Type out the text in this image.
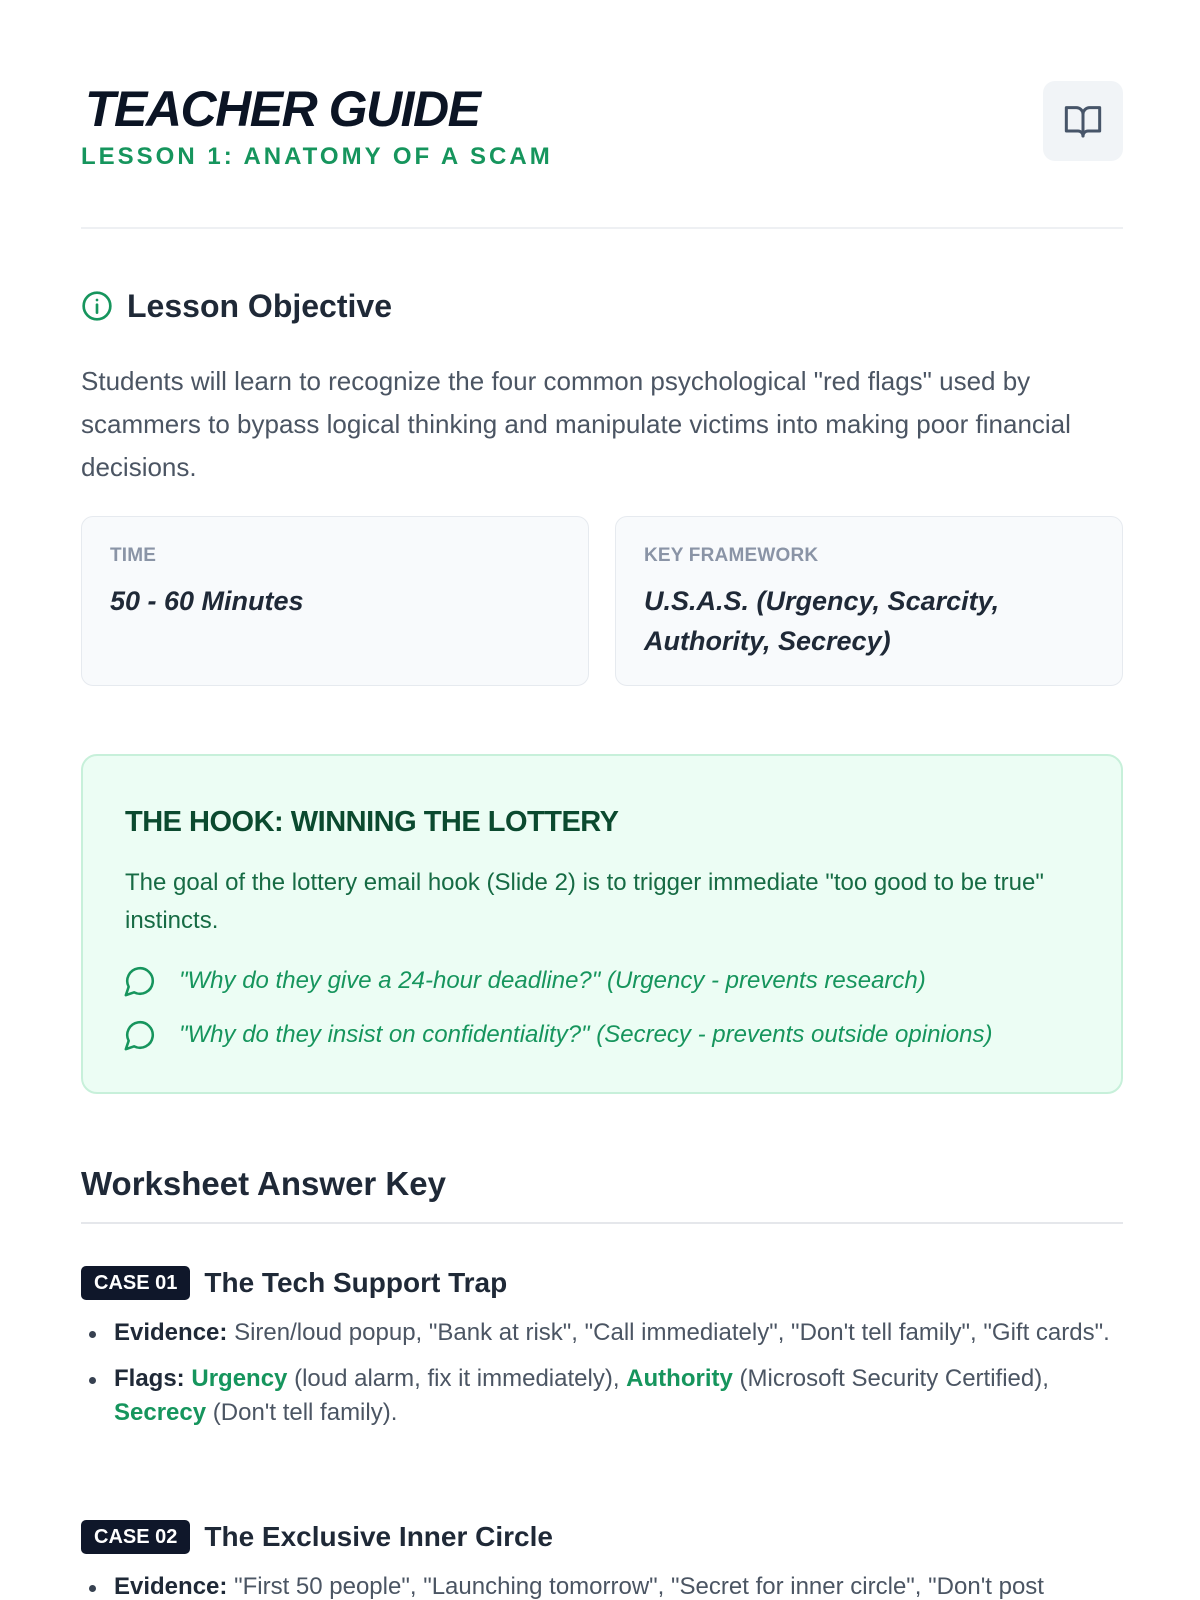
TEACHER GUIDE
LESSON 1: ANATOMY OF A SCAM
Lesson Objective

Students will learn to recognize the four common psychological "red flags" used by scammers to bypass logical thinking and manipulate victims into making poor financial decisions.

TIME
50 - 60 Minutes
KEY FRAMEWORK
U.S.A.S. (Urgency, Scarcity, Authority, Secrecy)
THE HOOK: WINNING THE LOTTERY

The goal of the lottery email hook (Slide 2) is to trigger immediate "too good to be true" instincts.

"Why do they give a 24-hour deadline?" (Urgency - prevents research)
"Why do they insist on confidentiality?" (Secrecy - prevents outside opinions)
Worksheet Answer Key
CASE 01 The Tech Support Trap
Evidence: Siren/loud popup, "Bank at risk", "Call immediately", "Don't tell family", "Gift cards".
Flags: Urgency (loud alarm, fix it immediately), Authority (Microsoft Security Certified), Secrecy (Don't tell family).
CASE 02 The Exclusive Inner Circle
Evidence: "First 50 people", "Launching tomorrow", "Secret for inner circle", "Don't post
